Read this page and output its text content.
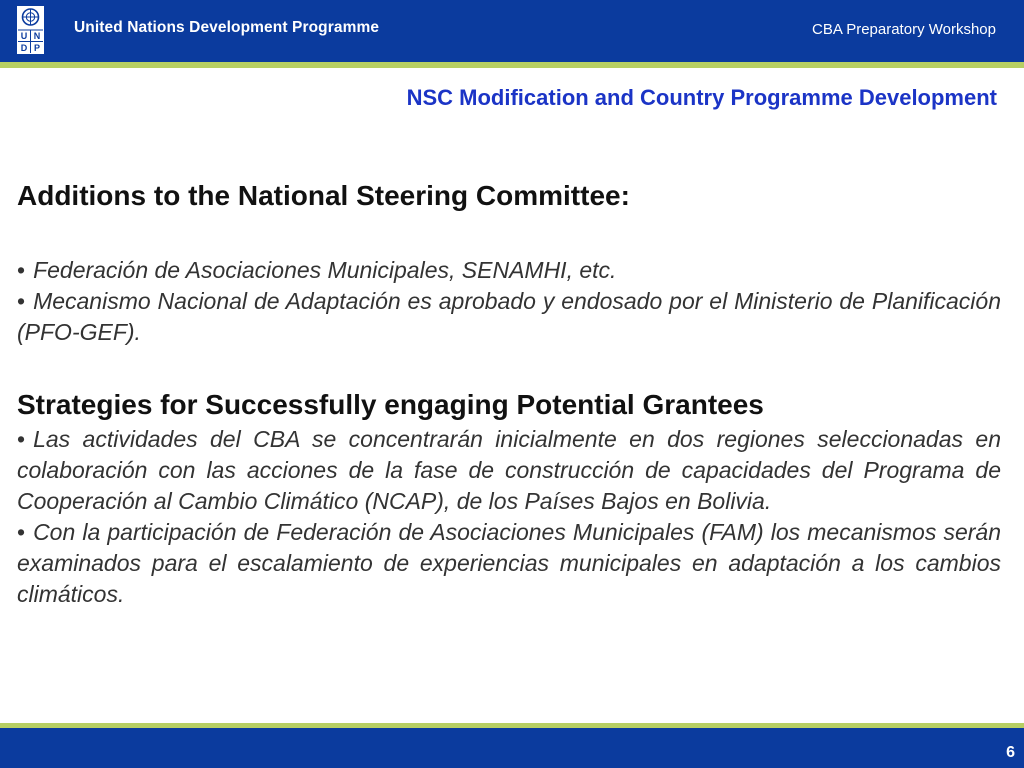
U N
D P
United Nations Development Programme	CBA Preparatory Workshop
NSC Modification and Country Programme Development
Additions to the National Steering Committee:

• Federación de Asociaciones Municipales, SENAMHI, etc.

• Mecanismo Nacional de Adaptación es aprobado y endosado por el Ministerio de Planificación (PFO-GEF).

Strategies for Successfully engaging Potential Grantees

• Las actividades del CBA se concentrarán inicialmente en dos regiones seleccionadas en colaboración con las acciones de la fase de construcción de capacidades del Programa de Cooperación al Cambio Climático (NCAP), de los Países Bajos en Bolivia.

• Con la participación de Federación de Asociaciones Municipales (FAM) los mecanismos serán examinados para el escalamiento de experiencias municipales en adaptación a los cambios climáticos.

6
